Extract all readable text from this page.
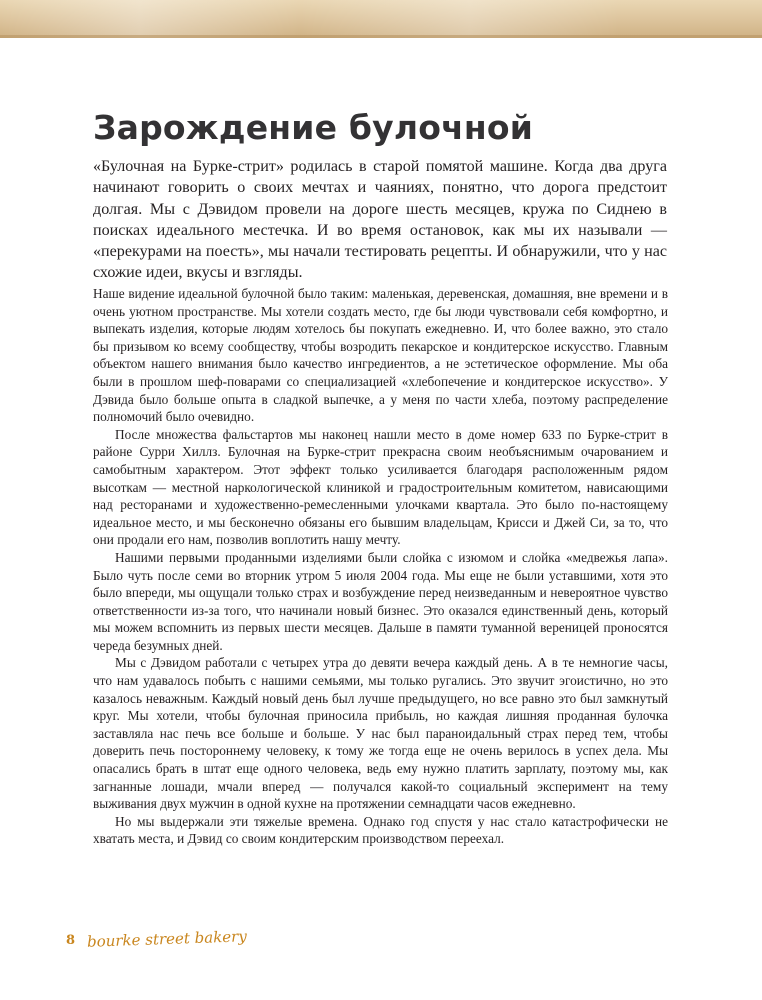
Зарождение булочной

«Булочная на Бурке-стрит» родилась в старой помятой машине. Когда два друга начинают говорить о своих мечтах и чаяниях, понятно, что дорога предстоит долгая. Мы с Дэвидом провели на дороге шесть месяцев, кружа по Сиднею в поисках идеального местечка. И во время остановок, как мы их называли — «перекурами на поесть», мы начали тестировать рецепты. И обнаружили, что у нас схожие идеи, вкусы и взгляды.

Наше видение идеальной булочной было таким: маленькая, деревенская, домашняя, вне времени и в очень уютном пространстве. Мы хотели создать место, где бы люди чувствовали себя комфортно, и выпекать изделия, которые людям хотелось бы покупать ежедневно. И, что более важно, это стало бы призывом ко всему сообществу, чтобы возродить пекарское и кондитерское искусство. Главным объектом нашего внимания было качество ингредиентов, а не эстетическое оформление. Мы оба были в прошлом шеф-поварами со специализацией «хлебопечение и кондитерское искусство». У Дэвида было больше опыта в сладкой выпечке, а у меня по части хлеба, поэтому распределение полномочий было очевидно.

После множества фальстартов мы наконец нашли место в доме номер 633 по Бурке-стрит в районе Сурри Хиллз. Булочная на Бурке-стрит прекрасна своим необъяснимым очарованием и самобытным характером. Этот эффект только усиливается благодаря расположенным рядом высоткам — местной наркологической клиникой и градостроительным комитетом, нависающими над ресторанами и художественно-ремесленными улочками квартала. Это было по-настоящему идеальное место, и мы бесконечно обязаны его бывшим владельцам, Крисси и Джей Си, за то, что они продали его нам, позволив воплотить нашу мечту.

Нашими первыми проданными изделиями были слойка с изюмом и слойка «медвежья лапа». Было чуть после семи во вторник утром 5 июля 2004 года. Мы еще не были уставшими, хотя это было впереди, мы ощущали только страх и возбуждение перед неизведанным и невероятное чувство ответственности из-за того, что начинали новый бизнес. Это оказался единственный день, который мы можем вспомнить из первых шести месяцев. Дальше в памяти туманной вереницей проносятся череда безумных дней.

Мы с Дэвидом работали с четырех утра до девяти вечера каждый день. А в те немногие часы, что нам удавалось побыть с нашими семьями, мы только ругались. Это звучит эгоистично, но это казалось неважным. Каждый новый день был лучше предыдущего, но все равно это был замкнутый круг. Мы хотели, чтобы булочная приносила прибыль, но каждая лишняя проданная булочка заставляла нас печь все больше и больше. У нас был параноидальный страх перед тем, чтобы доверить печь постороннему человеку, к тому же тогда еще не очень верилось в успех дела. Мы опасались брать в штат еще одного человека, ведь ему нужно платить зарплату, поэтому мы, как загнанные лошади, мчали вперед — получался какой-то социальный эксперимент на тему выживания двух мужчин в одной кухне на протяжении семнадцати часов ежедневно.

Но мы выдержали эти тяжелые времена. Однако год спустя у нас стало катастрофически не хватать места, и Дэвид со своим кондитерским производством переехал.

8 bourke street bakery
